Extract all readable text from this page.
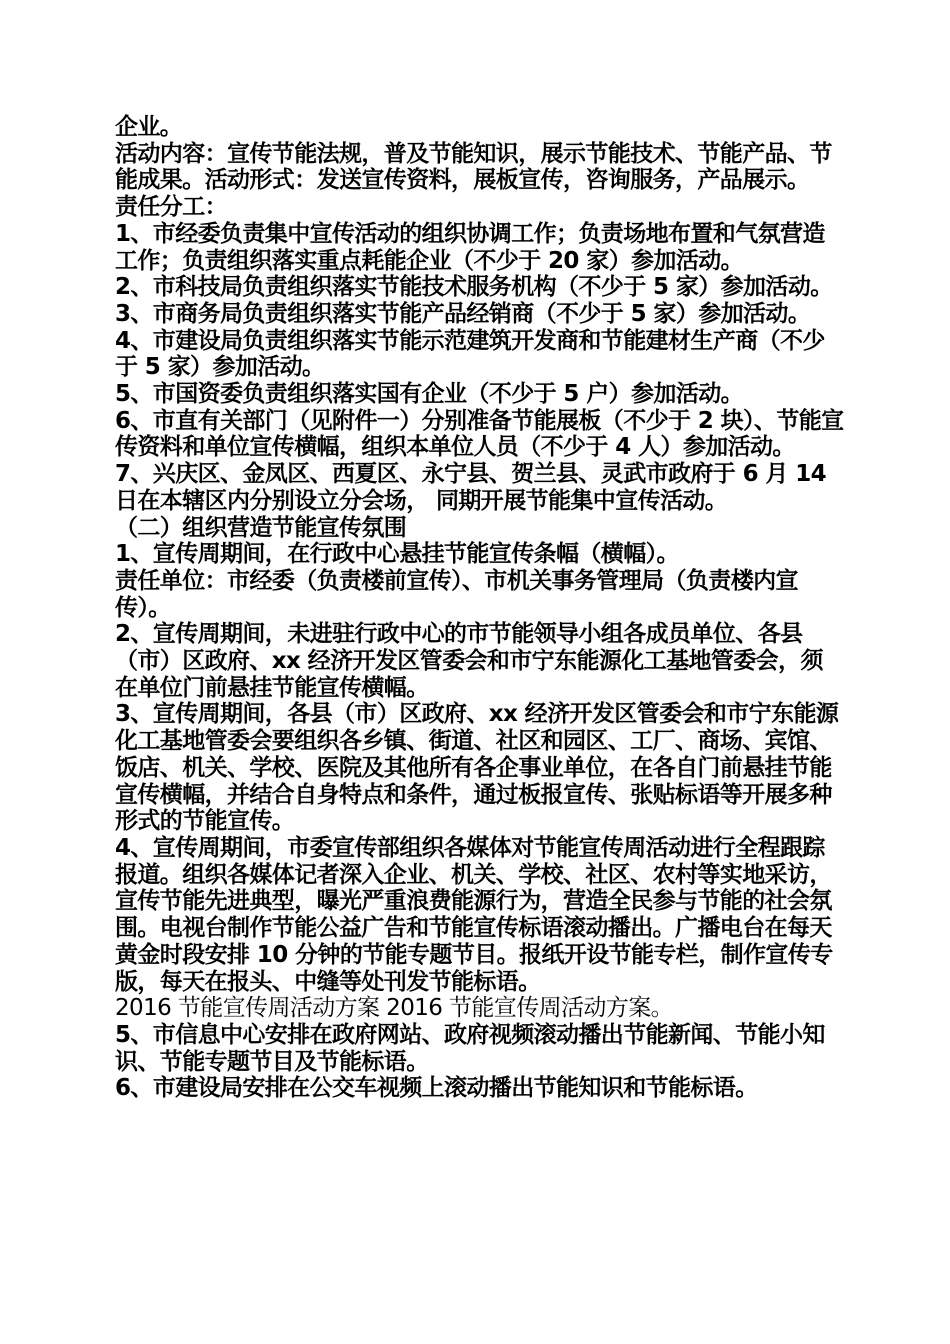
企业。

活动内容：宣传节能法规，普及节能知识，展示节能技术、节能产品、节能成果。活动形式：发送宣传资料，展板宣传，咨询服务，产品展示。

责任分工：

1、市经委负责集中宣传活动的组织协调工作；负责场地布置和气氛营造工作；负责组织落实重点耗能企业（不少于 20 家）参加活动。

2、市科技局负责组织落实节能技术服务机构（不少于 5 家）参加活动。

3、市商务局负责组织落实节能产品经销商（不少于 5 家）参加活动。

4、市建设局负责组织落实节能示范建筑开发商和节能建材生产商（不少于 5 家）参加活动。

5、市国资委负责组织落实国有企业（不少于 5 户）参加活动。

6、市直有关部门（见附件一）分别准备节能展板（不少于 2 块）、节能宣传资料和单位宣传横幅，组织本单位人员（不少于 4 人）参加活动。

7、兴庆区、金凤区、西夏区、永宁县、贺兰县、灵武市政府于 6 月 14 日在本辖区内分别设立分会场， 同期开展节能集中宣传活动。

（二）组织营造节能宣传氛围

1、宣传周期间，在行政中心悬挂节能宣传条幅（横幅）。

责任单位：市经委（负责楼前宣传）、市机关事务管理局（负责楼内宣传）。

2、宣传周期间，未进驻行政中心的市节能领导小组各成员单位、各县（市）区政府、xx 经济开发区管委会和市宁东能源化工基地管委会，须在单位门前悬挂节能宣传横幅。

3、宣传周期间，各县（市）区政府、xx 经济开发区管委会和市宁东能源化工基地管委会要组织各乡镇、街道、社区和园区、工厂、商场、宾馆、饭店、机关、学校、医院及其他所有各企事业单位，在各自门前悬挂节能宣传横幅，并结合自身特点和条件，通过板报宣传、张贴标语等开展多种形式的节能宣传。

4、宣传周期间，市委宣传部组织各媒体对节能宣传周活动进行全程跟踪报道。组织各媒体记者深入企业、机关、学校、社区、农村等实地采访，宣传节能先进典型，曝光严重浪费能源行为，营造全民参与节能的社会氛围。电视台制作节能公益广告和节能宣传标语滚动播出。广播电台在每天黄金时段安排 10 分钟的节能专题节目。报纸开设节能专栏，制作宣传专版，每天在报头、中缝等处刊发节能标语。

2016 节能宣传周活动方案 2016 节能宣传周活动方案。

5、市信息中心安排在政府网站、政府视频滚动播出节能新闻、节能小知识、节能专题节目及节能标语。

6、市建设局安排在公交车视频上滚动播出节能知识和节能标语。
